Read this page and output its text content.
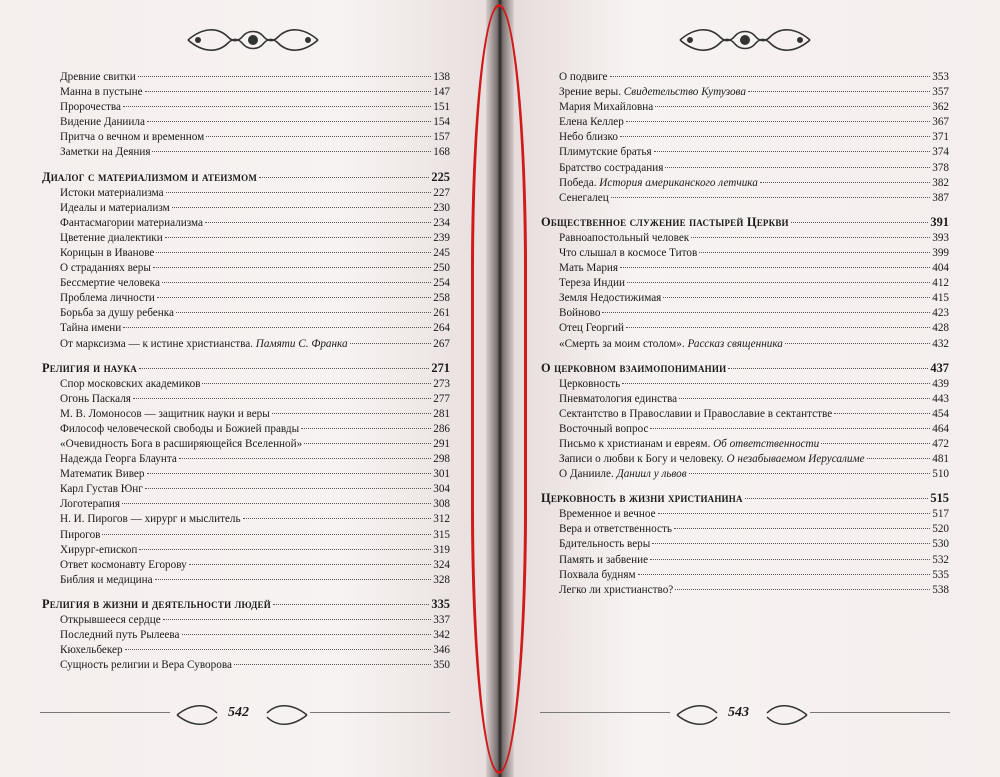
Древние свитки	138
Манна в пустыне	147
Пророчества	151
Видение Даниила	154
Притча о вечном и временном	157
Заметки на Деяния	168
Диалог с материализмом и атеизмом	225
Истоки материализма	227
Идеалы и материализм	230
Фантасмагории материализма	234
Цветение диалектики	239
Корицын в Иванове	245
О страданиях веры	250
Бессмертие человека	254
Проблема личности	258
Борьба за душу ребенка	261
Тайна имени	264
От марксизма — к истине христианства. Памяти С. Франка	267
Религия и наука	271
Спор московских академиков	273
Огонь Паскаля	277
М. В. Ломоносов — защитник науки и веры	281
Философ человеческой свободы и Божией правды	286
«Очевидность Бога в расширяющейся Вселенной»	291
Надежда Георга Блаунта	298
Математик Вивер	301
Карл Густав Юнг	304
Логотерапия	308
Н. И. Пирогов — хирург и мыслитель	312
Пирогов	315
Хирург-епископ	319
Ответ космонавту Егорову	324
Библия и медицина	328
Религия в жизни и деятельности людей	335
Открывшееся сердце	337
Последний путь Рылеева	342
Кюхельбекер	346
Сущность религии и Вера Суворова	350
О подвиге	353
Зрение веры. Свидетельство Кутузова	357
Мария Михайловна	362
Елена Келлер	367
Небо близко	371
Плимутские братья	374
Братство сострадания	378
Победа. История американского летчика	382
Сенегалец	387
Общественное служение пастырей Церкви	391
Равноапостольный человек	393
Что слышал в космосе Титов	399
Мать Мария	404
Тереза Индии	412
Земля Недостижимая	415
Войново	423
Отец Георгий	428
«Смерть за моим столом». Рассказ священника	432
О церковном взаимопонимании	437
Церковность	439
Пневматология единства	443
Сектантство в Православии и Православие в сектантстве	454
Восточный вопрос	464
Письмо к христианам и евреям. Об ответственности	472
Записи о любви к Богу и человеку. О незабываемом Иерусалиме	481
О Данииле. Даниил у львов	510
Церковность в жизни христианина	515
Временное и вечное	517
Вера и ответственность	520
Бдительность веры	530
Память и забвение	532
Похвала будням	535
Легко ли христианство?	538
542	543
